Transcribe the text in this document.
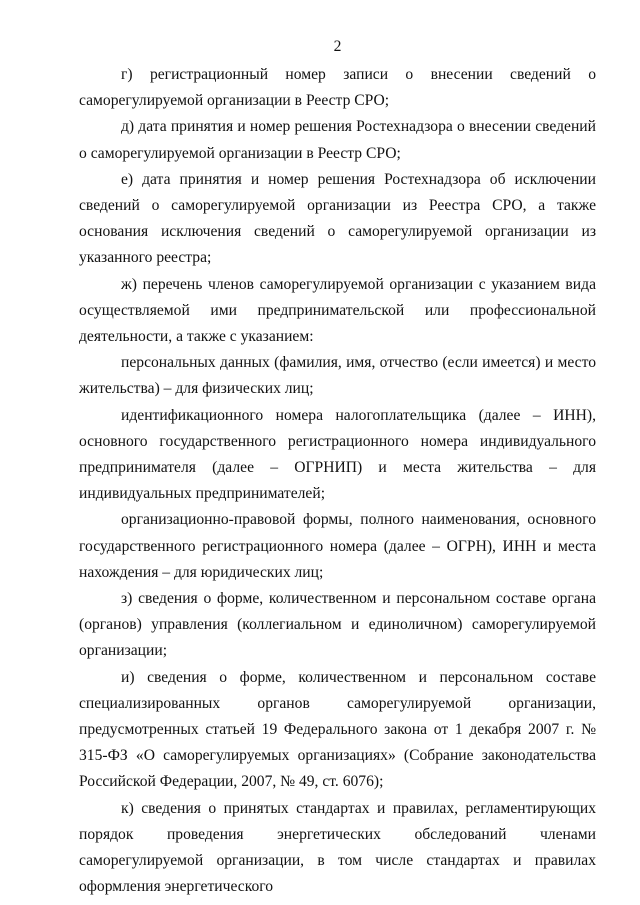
2

г) регистрационный номер записи о внесении сведений о саморегулируемой организации в Реестр СРО;

д) дата принятия и номер решения Ростехнадзора о внесении сведений о саморегулируемой организации в Реестр СРО;

е) дата принятия и номер решения Ростехнадзора об исключении сведений о саморегулируемой организации из Реестра СРО, а также основания исключения сведений о саморегулируемой организации из указанного реестра;

ж) перечень членов саморегулируемой организации с указанием вида осуществляемой ими предпринимательской или профессиональной деятельности, а также с указанием:

персональных данных (фамилия, имя, отчество (если имеется) и место жительства) – для физических лиц;

идентификационного номера налогоплательщика (далее – ИНН), основного государственного регистрационного номера индивидуального предпринимателя (далее – ОГРНИП) и места жительства – для индивидуальных предпринимателей;

организационно-правовой формы, полного наименования, основного государственного регистрационного номера (далее – ОГРН), ИНН и места нахождения – для юридических лиц;

з) сведения о форме, количественном и персональном составе органа (органов) управления (коллегиальном и единоличном) саморегулируемой организации;

и) сведения о форме, количественном и персональном составе специализированных органов саморегулируемой организации, предусмотренных статьей 19 Федерального закона от 1 декабря 2007 г. № 315-ФЗ «О саморегулируемых организациях» (Собрание законодательства Российской Федерации, 2007, № 49, ст. 6076);

к) сведения о принятых стандартах и правилах, регламентирующих порядок проведения энергетических обследований членами саморегулируемой организации, в том числе стандартах и правилах оформления энергетического
